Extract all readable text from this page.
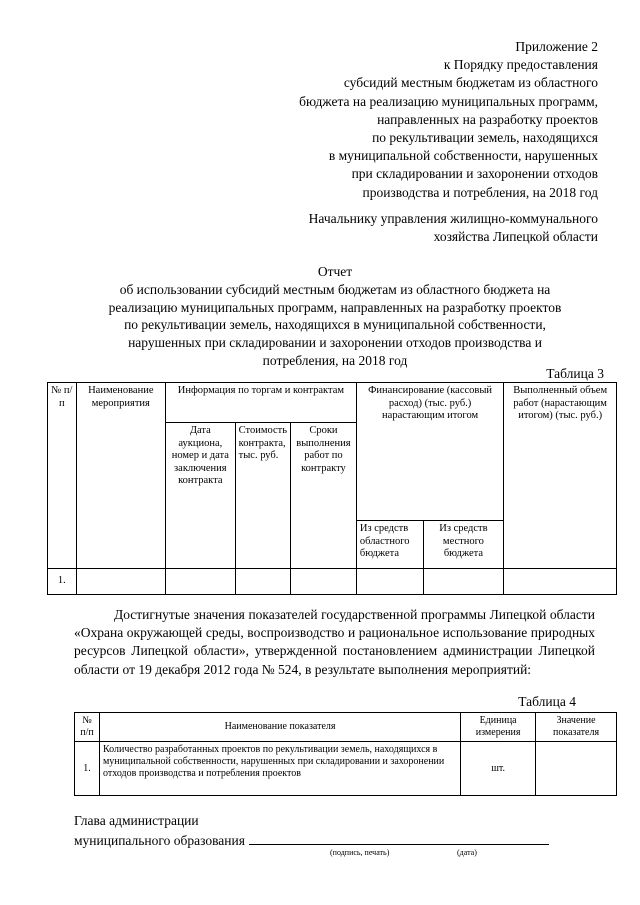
Приложение 2
к Порядку предоставления
субсидий местным бюджетам из областного
бюджета на реализацию муниципальных программ,
направленных на разработку проектов
по рекультивации земель, находящихся
в муниципальной собственности, нарушенных
при складировании и захоронении отходов
производства и потребления, на 2018 год
Начальнику управления жилищно-коммунального
хозяйства Липецкой области
Отчет
об использовании субсидий местным бюджетам из областного бюджета на
реализацию муниципальных программ, направленных на разработку проектов
по рекультивации земель, находящихся в муниципальной собственности,
нарушенных при складировании и захоронении отходов производства и
потребления, на 2018 год
Таблица 3
№ п/п	Наименование мероприятия	Информация по торгам и контрактам			Финансирование (кассовый расход) (тыс. руб.) нарастающим итогом		Выполненный объем работ (нарастающим итогом) (тыс. руб.)
		Дата аукциона, номер и дата заключения контракта	Стоимость контракта, тыс. руб.	Сроки выполнения работ по контракту			
					Из средств областного бюджета	Из средств местного бюджета	
1.							
Достигнутые значения показателей государственной программы Липецкой области «Охрана окружающей среды, воспроизводство и рациональное использование природных ресурсов Липецкой области», утвержденной постановлением администрации Липецкой области от 19 декабря 2012 года № 524, в результате выполнения мероприятий:
Таблица 4
№ п/п	Наименование показателя	Единица измерения	Значение показателя
1.	Количество разработанных проектов по рекультивации земель, находящихся в муниципальной собственности, нарушенных при складировании и захоронении отходов производства и потребления проектов	шт.	
Глава администрации
муниципального образования
(подпись, печать)	(дата)
